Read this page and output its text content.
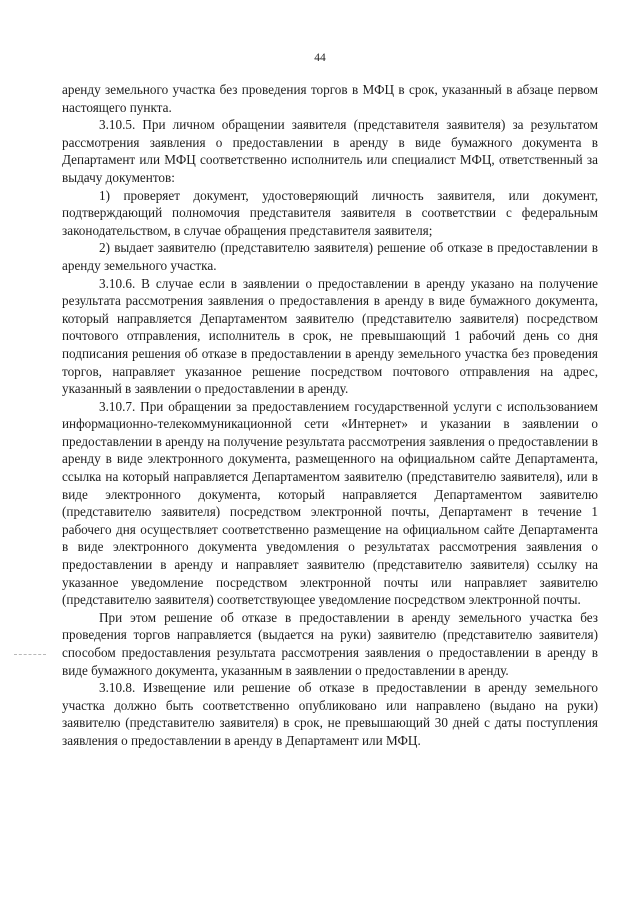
44

аренду земельного участка без проведения торгов в МФЦ в срок, указанный в абзаце первом настоящего пункта.

3.10.5. При личном обращении заявителя (представителя заявителя) за результатом рассмотрения заявления о предоставлении в аренду в виде бумажного документа в Департамент или МФЦ соответственно исполнитель или специалист МФЦ, ответственный за выдачу документов:

1) проверяет документ, удостоверяющий личность заявителя, или документ, подтверждающий полномочия представителя заявителя в соответствии с федеральным законодательством, в случае обращения представителя заявителя;

2) выдает заявителю (представителю заявителя) решение об отказе в предоставлении в аренду земельного участка.

3.10.6. В случае если в заявлении о предоставлении в аренду указано на получение результата рассмотрения заявления о предоставления в аренду в виде бумажного документа, который направляется Департаментом заявителю (представителю заявителя) посредством почтового отправления, исполнитель в срок, не превышающий 1 рабочий день со дня подписания решения об отказе в предоставлении в аренду земельного участка без проведения торгов, направляет указанное решение посредством почтового отправления на адрес, указанный в заявлении о предоставлении в аренду.

3.10.7. При обращении за предоставлением государственной услуги с использованием информационно-телекоммуникационной сети «Интернет» и указании в заявлении о предоставлении в аренду на получение результата рассмотрения заявления о предоставлении в аренду в виде электронного документа, размещенного на официальном сайте Департамента, ссылка на который направляется Департаментом заявителю (представителю заявителя), или в виде электронного документа, который направляется Департаментом заявителю (представителю заявителя) посредством электронной почты, Департамент в течение 1 рабочего дня осуществляет соответственно размещение на официальном сайте Департамента в виде электронного документа уведомления о результатах рассмотрения заявления о предоставлении в аренду и направляет заявителю (представителю заявителя) ссылку на указанное уведомление посредством электронной почты или направляет заявителю (представителю заявителя) соответствующее уведомление посредством электронной почты.

При этом решение об отказе в предоставлении в аренду земельного участка без проведения торгов направляется (выдается на руки) заявителю (представителю заявителя) способом предоставления результата рассмотрения заявления о предоставлении в аренду в виде бумажного документа, указанным в заявлении о предоставлении в аренду.

3.10.8. Извещение или решение об отказе в предоставлении в аренду земельного участка должно быть соответственно опубликовано или направлено (выдано на руки) заявителю (представителю заявителя) в срок, не превышающий 30 дней с даты поступления заявления о предоставлении в аренду в Департамент или МФЦ.
